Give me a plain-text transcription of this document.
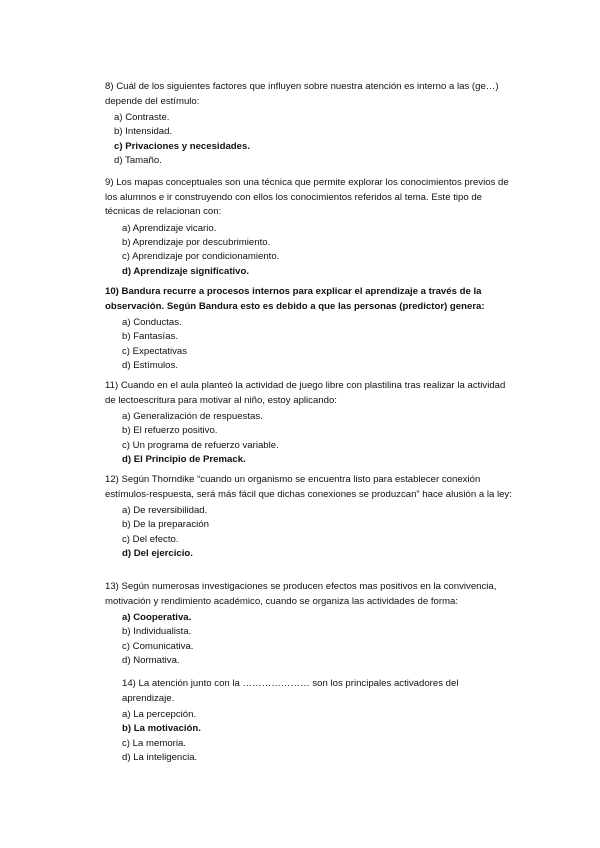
8) Cuál de los siguientes factores que influyen sobre nuestra atención es interno a las (ge…) depende del estímulo:

a) Contraste.
b) Intensidad.
c) Privaciones y necesidades.
d) Tamaño.

9) Los mapas conceptuales son una técnica que permite explorar los conocimientos previos de los alumnos e ir construyendo con ellos los conocimientos referidos al tema. Este tipo de técnicas de relacionan con:

a) Aprendizaje vicario.
b) Aprendizaje por descubrimiento.
c) Aprendizaje por condicionamiento.
d) Aprendizaje significativo.

10) Bandura recurre a procesos internos para explicar el aprendizaje a través de la observación. Según Bandura esto es debido a que las personas (predictor) genera:

a) Conductas.
b) Fantasías.
c) Expectativas
d) Estímulos.

11) Cuando en el aula planteó la actividad de juego libre con plastilina tras realizar la actividad de lectoescritura para motivar al niño, estoy aplicando:

a) Generalización de respuestas.
b) El refuerzo positivo.
c) Un programa de refuerzo variable.
d) El Principio de Premack.

12) Según Thorndike “cuando un organismo se encuentra listo para establecer conexión estímulos-respuesta, será más fácil que dichas conexiones se produzcan” hace alusión a la ley:

a) De reversibilidad.
b) De la preparación
c) Del efecto.
d) Del ejercicio.

13) Según numerosas investigaciones se producen efectos mas positivos en la convivencia, motivación y rendimiento académico, cuando se organiza las actividades de forma:

a) Cooperativa.
b) Individualista.
c) Comunicativa.
d) Normativa.

14) La atención junto con la ………………… son los principales activadores del aprendizaje.

a) La percepción.
b) La motivación.
c) La memoria.
d) La inteligencia.
